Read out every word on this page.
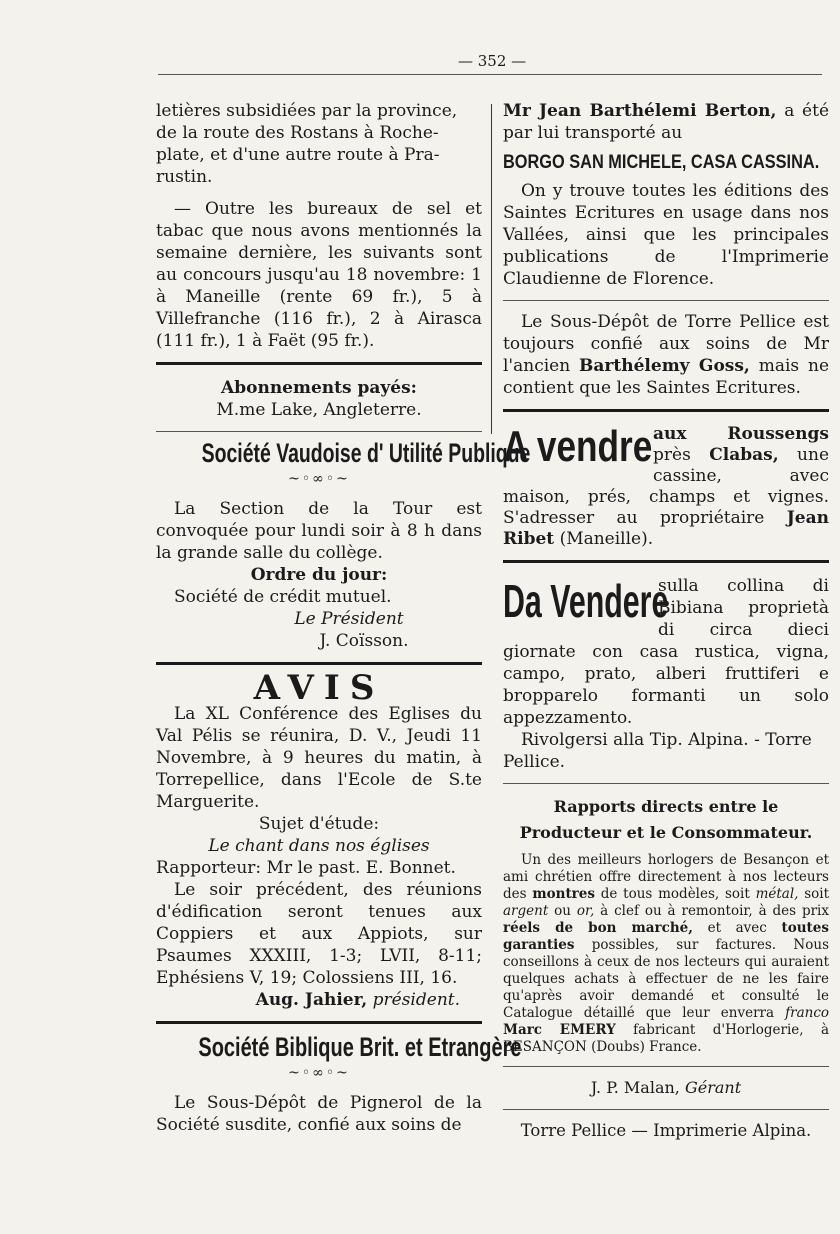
— 352 —

letières subsidiées par la province,

de la route des Rostans à Roche-

plate, et d'une autre route à Pra-

rustin.

— Outre les bureaux de sel et tabac que nous avons mentionnés la semaine dernière, les suivants sont au concours jusqu'au 18 novembre: 1 à Maneille (rente 69 fr.), 5 à Villefranche (116 fr.), 2 à Airasca (111 fr.), 1 à Faët (95 fr.).

Abonnements payés:

M.me Lake, Angleterre.

Société Vaudoise d' Utilité Publique
~◦∞◦~

La Section de la Tour est convoquée pour lundi soir à 8 h dans la grande salle du collège.

Ordre du jour:

Société de crédit mutuel.

Le Président

J. Coïsson.

AVIS

La XL Conférence des Eglises du Val Pélis se réunira, D. V., Jeudi 11 Novembre, à 9 heures du matin, à Torrepellice, dans l'Ecole de S.te Marguerite.

Sujet d'étude:

Le chant dans nos églises

Rapporteur: Mr le past. E. Bonnet.

Le soir précédent, des réunions d'édification seront tenues aux Coppiers et aux Appiots, sur Psaumes XXXIII, 1-3; LVII, 8-11; Ephésiens V, 19; Colossiens III, 16.

Aug. Jahier, président.

Société Biblique Brit. et Etrangère
~◦∞◦~

Le Sous-Dépôt de Pignerol de la Société susdite, confié aux soins de

Mr Jean Barthélemi Berton, a été par lui transporté au

BORGO SAN MICHELE, CASA CASSINA.

On y trouve toutes les éditions des Saintes Ecritures en usage dans nos Vallées, ainsi que les principales publications de l'Imprimerie Claudienne de Florence.

Le Sous-Dépôt de Torre Pellice est toujours confié aux soins de Mr l'ancien Barthélemy Goss, mais ne contient que les Saintes Ecritures.

A vendre aux Roussengs près Clabas, une cassine, avec maison, prés, champs et vignes. S'adresser au propriétaire Jean Ribet (Maneille).

Da Vendere

sulla collina di Bibiana proprietà di circa dieci giornate con casa rustica, vigna, campo, prato, alberi fruttiferi e bropparelo formanti un solo appezzamento.

Rivolgersi alla Tip. Alpina. - Torre Pellice.

Rapports directs entre le Producteur et le Consommateur.

Un des meilleurs horlogers de Besançon et ami chrétien offre directement à nos lecteurs des montres de tous modèles, soit métal, soit argent ou or, à clef ou à remontoir, à des prix réels de bon marché, et avec toutes garanties possibles, sur factures. Nous conseillons à ceux de nos lecteurs qui auraient quelques achats à effectuer de ne les faire qu'après avoir demandé et consulté le Catalogue détaillé que leur enverra franco Marc EMERY fabricant d'Horlogerie, à BESANÇON (Doubs) France.

J. P. Malan, Gérant

Torre Pellice — Imprimerie Alpina.
